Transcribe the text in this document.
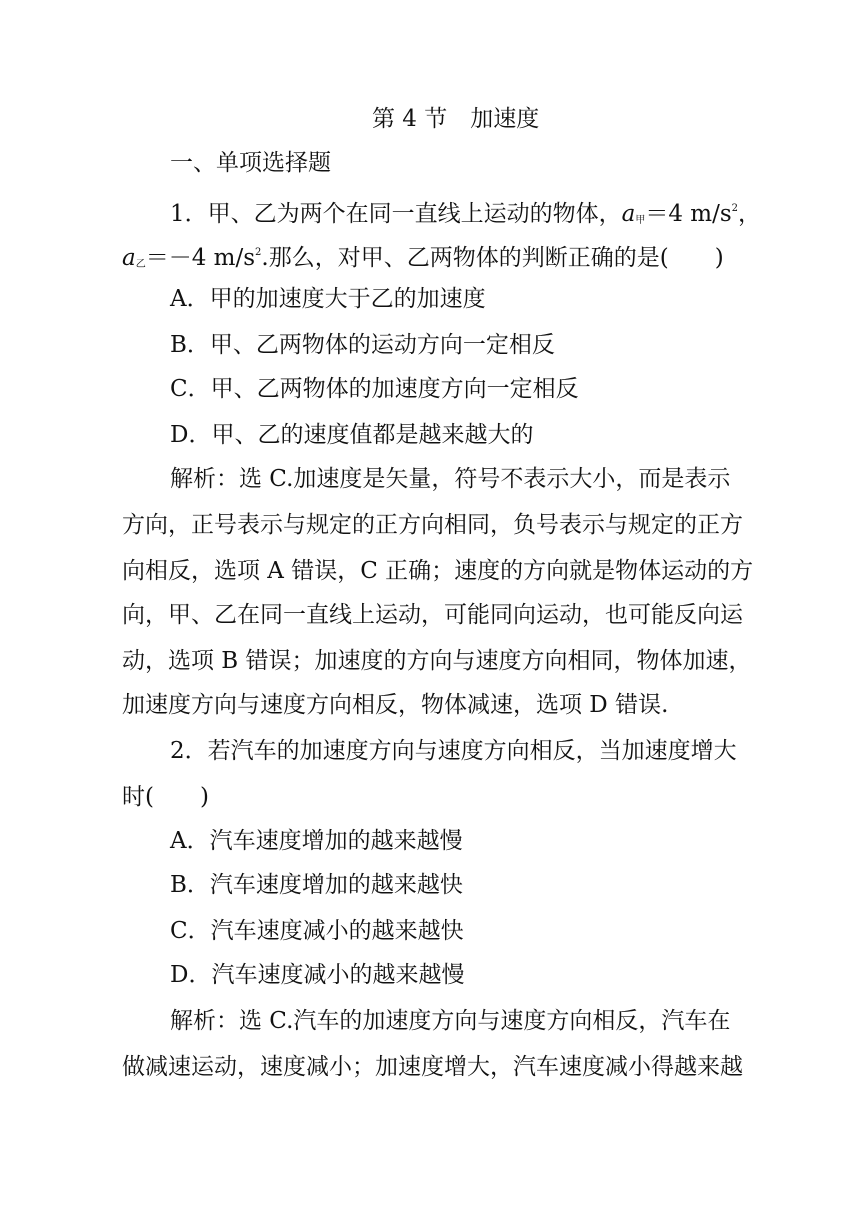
第 4 节　加速度
一、单项选择题
1．甲、乙为两个在同一直线上运动的物体，$a_甲=4$ $m/s^2$，
$a_乙=-4$ $m/s^2$.那么，对甲、乙两物体的判断正确的是(　　)
A．甲的加速度大于乙的加速度
B．甲、乙两物体的运动方向一定相反
C．甲、乙两物体的加速度方向一定相反
D．甲、乙的速度值都是越来越大的
解析：选 C.加速度是矢量，符号不表示大小，而是表示
方向，正号表示与规定的正方向相同，负号表示与规定的正方
向相反，选项 A 错误，C 正确；速度的方向就是物体运动的方
向，甲、乙在同一直线上运动，可能同向运动，也可能反向运
动，选项 B 错误；加速度的方向与速度方向相同，物体加速，
加速度方向与速度方向相反，物体减速，选项 D 错误.
2．若汽车的加速度方向与速度方向相反，当加速度增大
时(　　)
A．汽车速度增加的越来越慢
B．汽车速度增加的越来越快
C．汽车速度减小的越来越快
D．汽车速度减小的越来越慢
解析：选 C.汽车的加速度方向与速度方向相反，汽车在
做减速运动，速度减小；加速度增大，汽车速度减小得越来越
